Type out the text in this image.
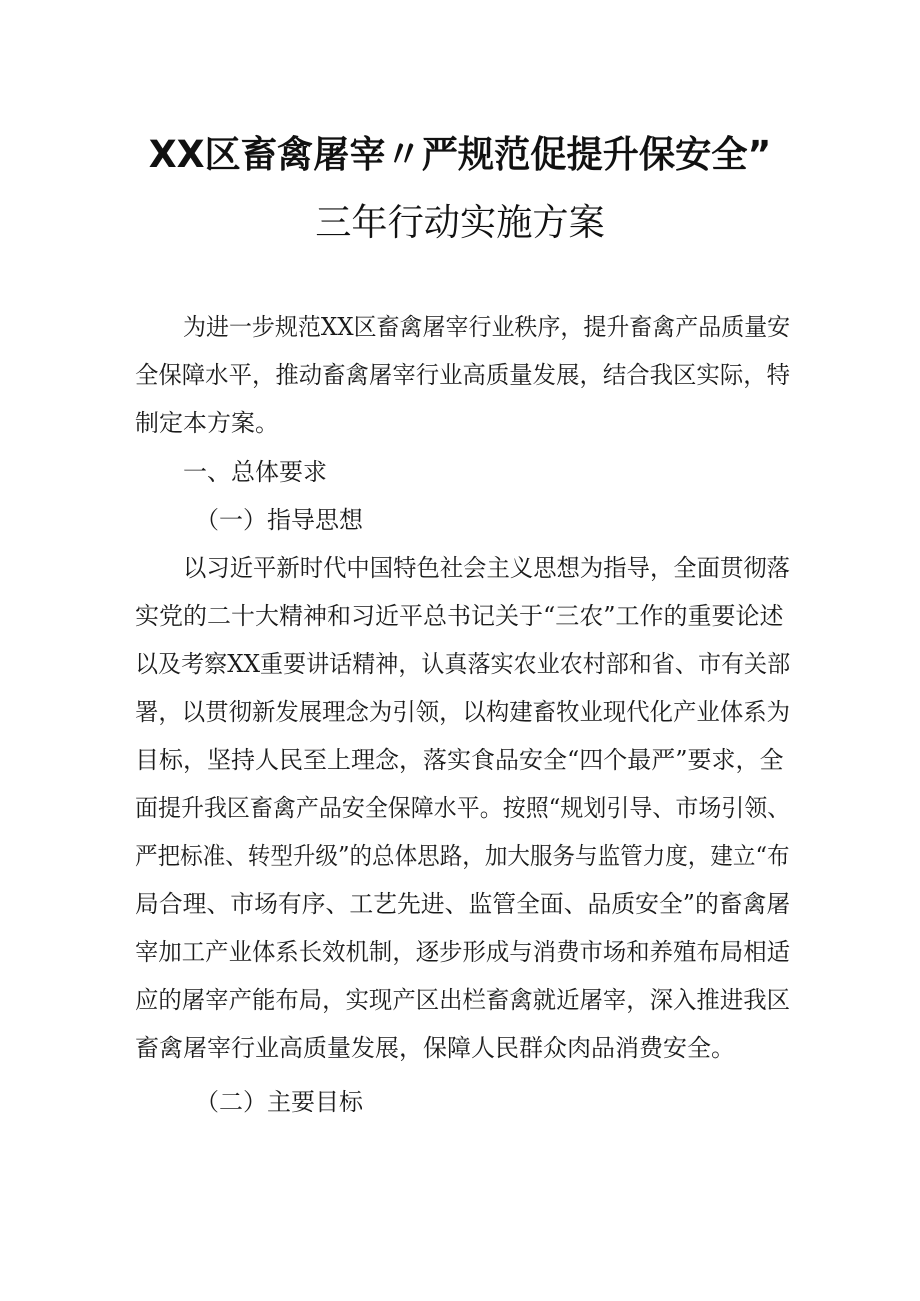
XX区畜禽屠宰〃严规范促提升保安全”
三年行动实施方案
为进一步规范XX区畜禽屠宰行业秩序，提升畜禽产品质量安
全保障水平，推动畜禽屠宰行业高质量发展，结合我区实际，特
制定本方案。
一、总体要求
（一）指导思想
以习近平新时代中国特色社会主义思想为指导，全面贯彻落
实党的二十大精神和习近平总书记关于“三农”工作的重要论述
以及考察XX重要讲话精神，认真落实农业农村部和省、市有关部
署，以贯彻新发展理念为引领，以构建畜牧业现代化产业体系为
目标，坚持人民至上理念，落实食品安全“四个最严”要求，全
面提升我区畜禽产品安全保障水平。按照“规划引导、市场引领、
严把标准、转型升级”的总体思路，加大服务与监管力度，建立“布
局合理、市场有序、工艺先进、监管全面、品质安全”的畜禽屠
宰加工产业体系长效机制，逐步形成与消费市场和养殖布局相适
应的屠宰产能布局，实现产区出栏畜禽就近屠宰，深入推进我区
畜禽屠宰行业高质量发展，保障人民群众肉品消费安全。
（二）主要目标
